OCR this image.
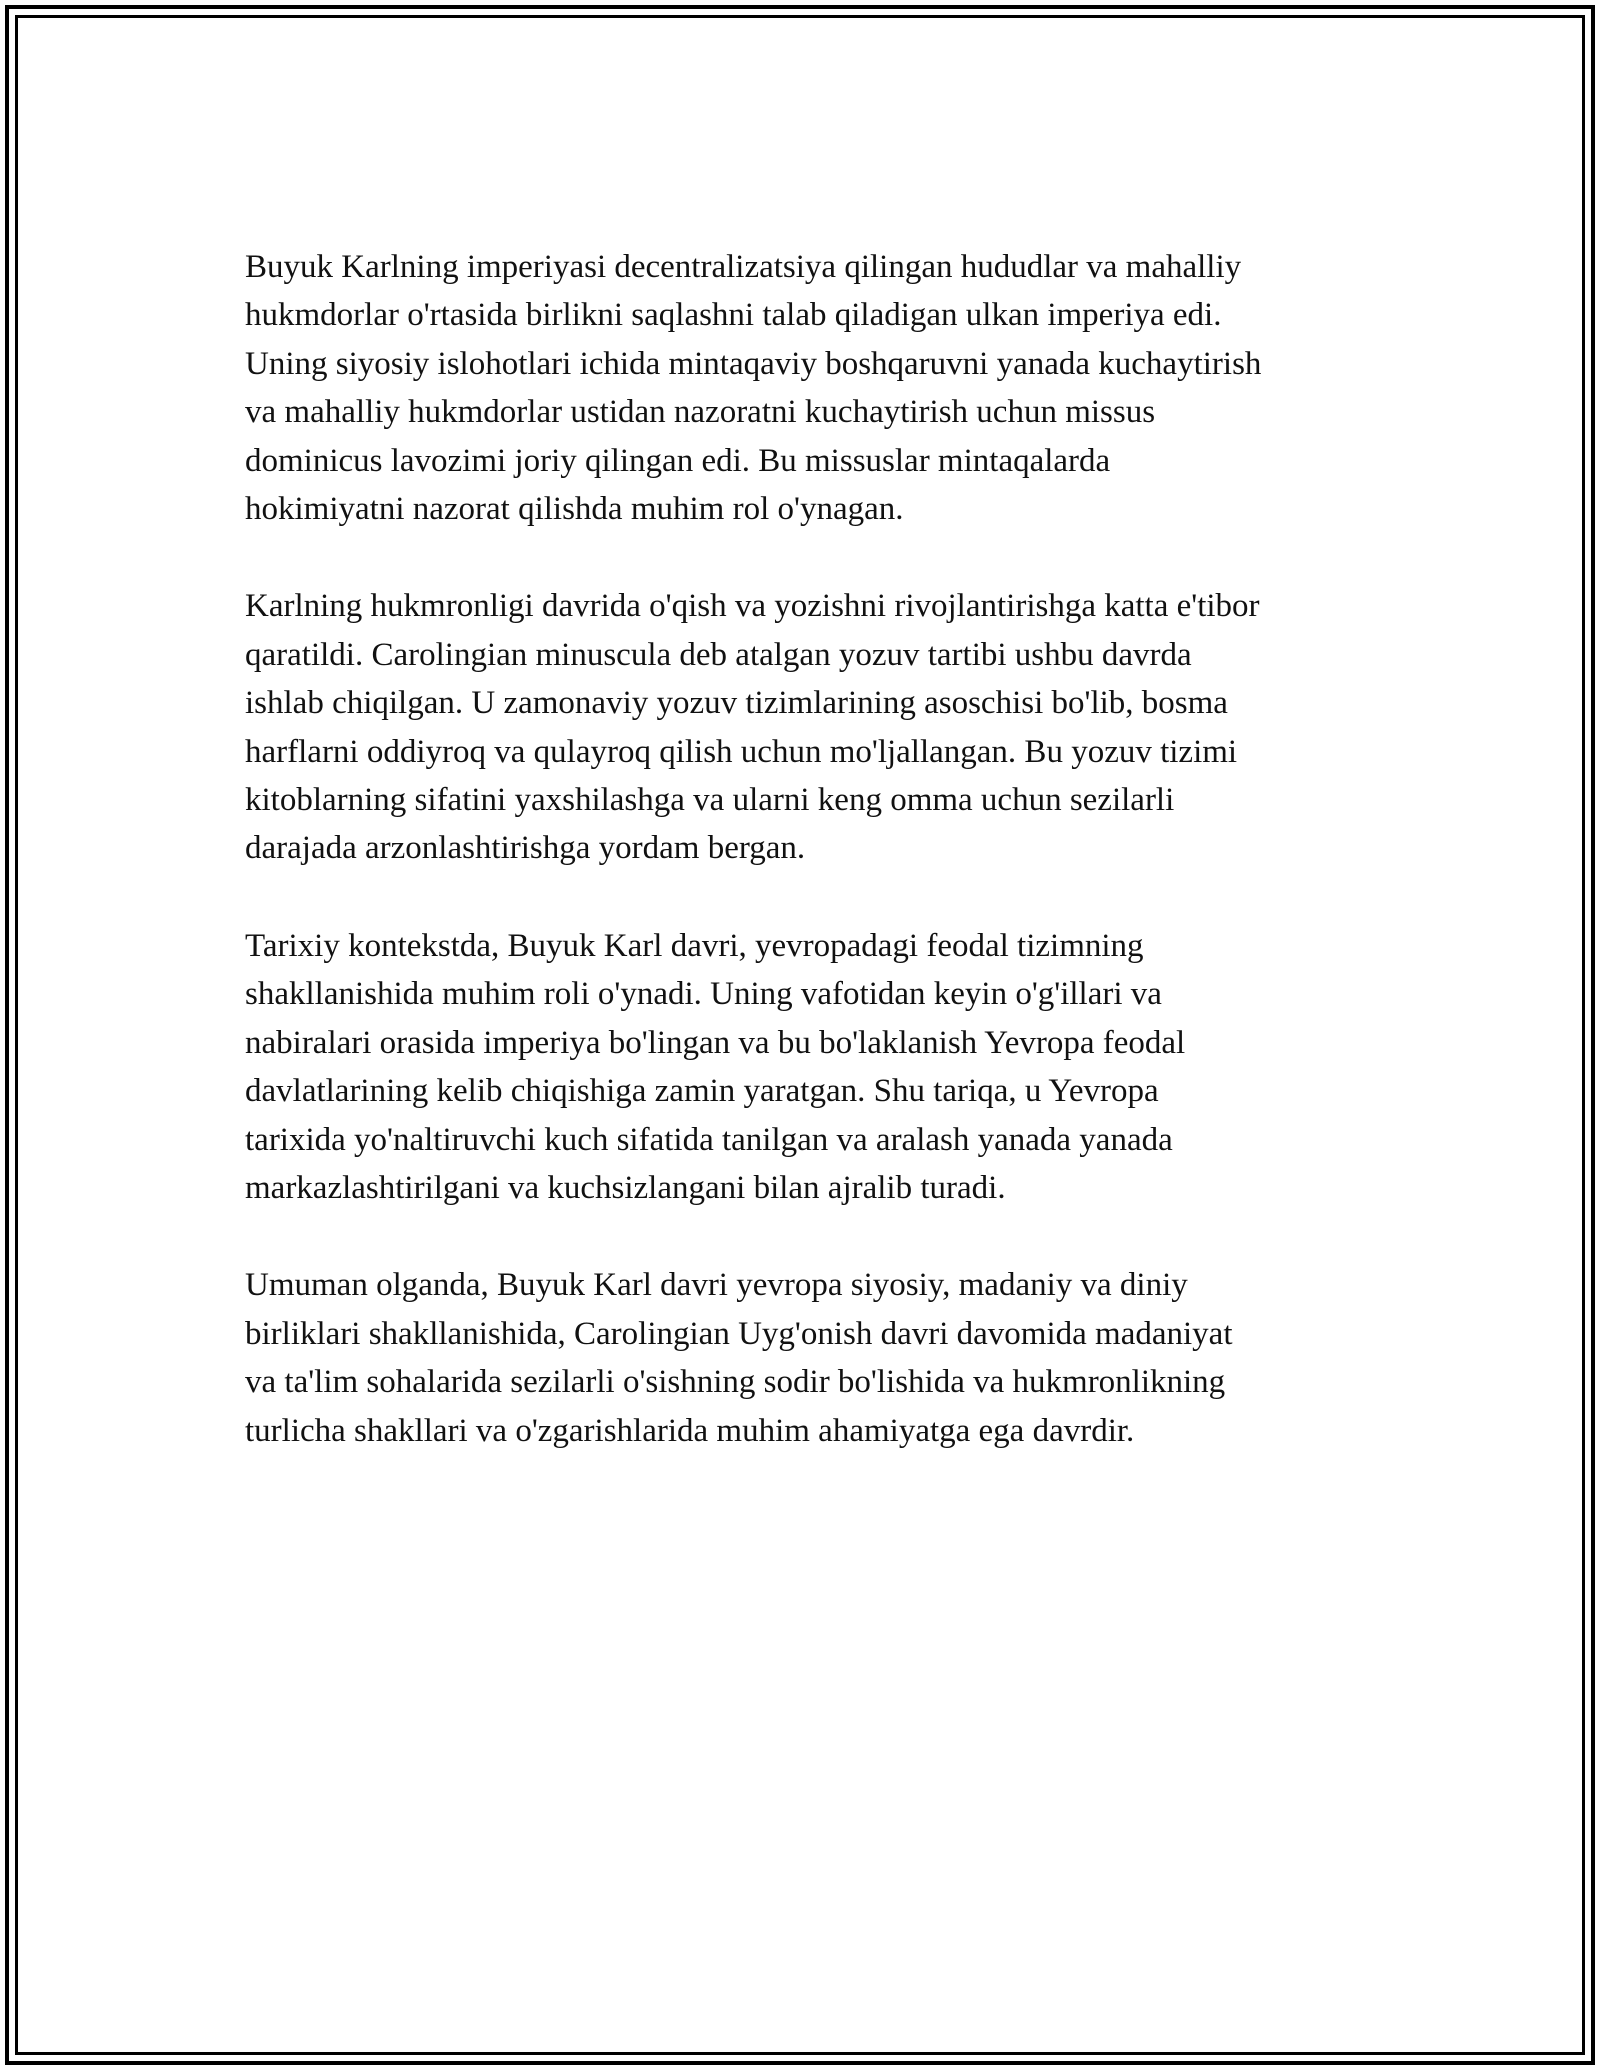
Buyuk Karlning imperiyasi decentralizatsiya qilingan hududlar va mahalliy
hukmdorlar o'rtasida birlikni saqlashni talab qiladigan ulkan imperiya edi.
Uning siyosiy islohotlari ichida mintaqaviy boshqaruvni yanada kuchaytirish
va mahalliy hukmdorlar ustidan nazoratni kuchaytirish uchun missus
dominicus lavozimi joriy qilingan edi. Bu missuslar mintaqalarda
hokimiyatni nazorat qilishda muhim rol o'ynagan.

Karlning hukmronligi davrida o'qish va yozishni rivojlantirishga katta e'tibor
qaratildi. Carolingian minuscula deb atalgan yozuv tartibi ushbu davrda
ishlab chiqilgan. U zamonaviy yozuv tizimlarining asoschisi bo'lib, bosma
harflarni oddiyroq va qulayroq qilish uchun mo'ljallangan. Bu yozuv tizimi
kitoblarning sifatini yaxshilashga va ularni keng omma uchun sezilarli
darajada arzonlashtirishga yordam bergan.

Tarixiy kontekstda, Buyuk Karl davri, yevropadagi feodal tizimning
shakllanishida muhim roli o'ynadi. Uning vafotidan keyin o'g'illari va
nabiralari orasida imperiya bo'lingan va bu bo'laklanish Yevropa feodal
davlatlarining kelib chiqishiga zamin yaratgan. Shu tariqa, u Yevropa
tarixida yo'naltiruvchi kuch sifatida tanilgan va aralash yanada yanada
markazlashtirilgani va kuchsizlangani bilan ajralib turadi.

Umuman olganda, Buyuk Karl davri yevropa siyosiy, madaniy va diniy
birliklari shakllanishida, Carolingian Uyg'onish davri davomida madaniyat
va ta'lim sohalarida sezilarli o'sishning sodir bo'lishida va hukmronlikning
turlicha shakllari va o'zgarishlarida muhim ahamiyatga ega davrdir.
